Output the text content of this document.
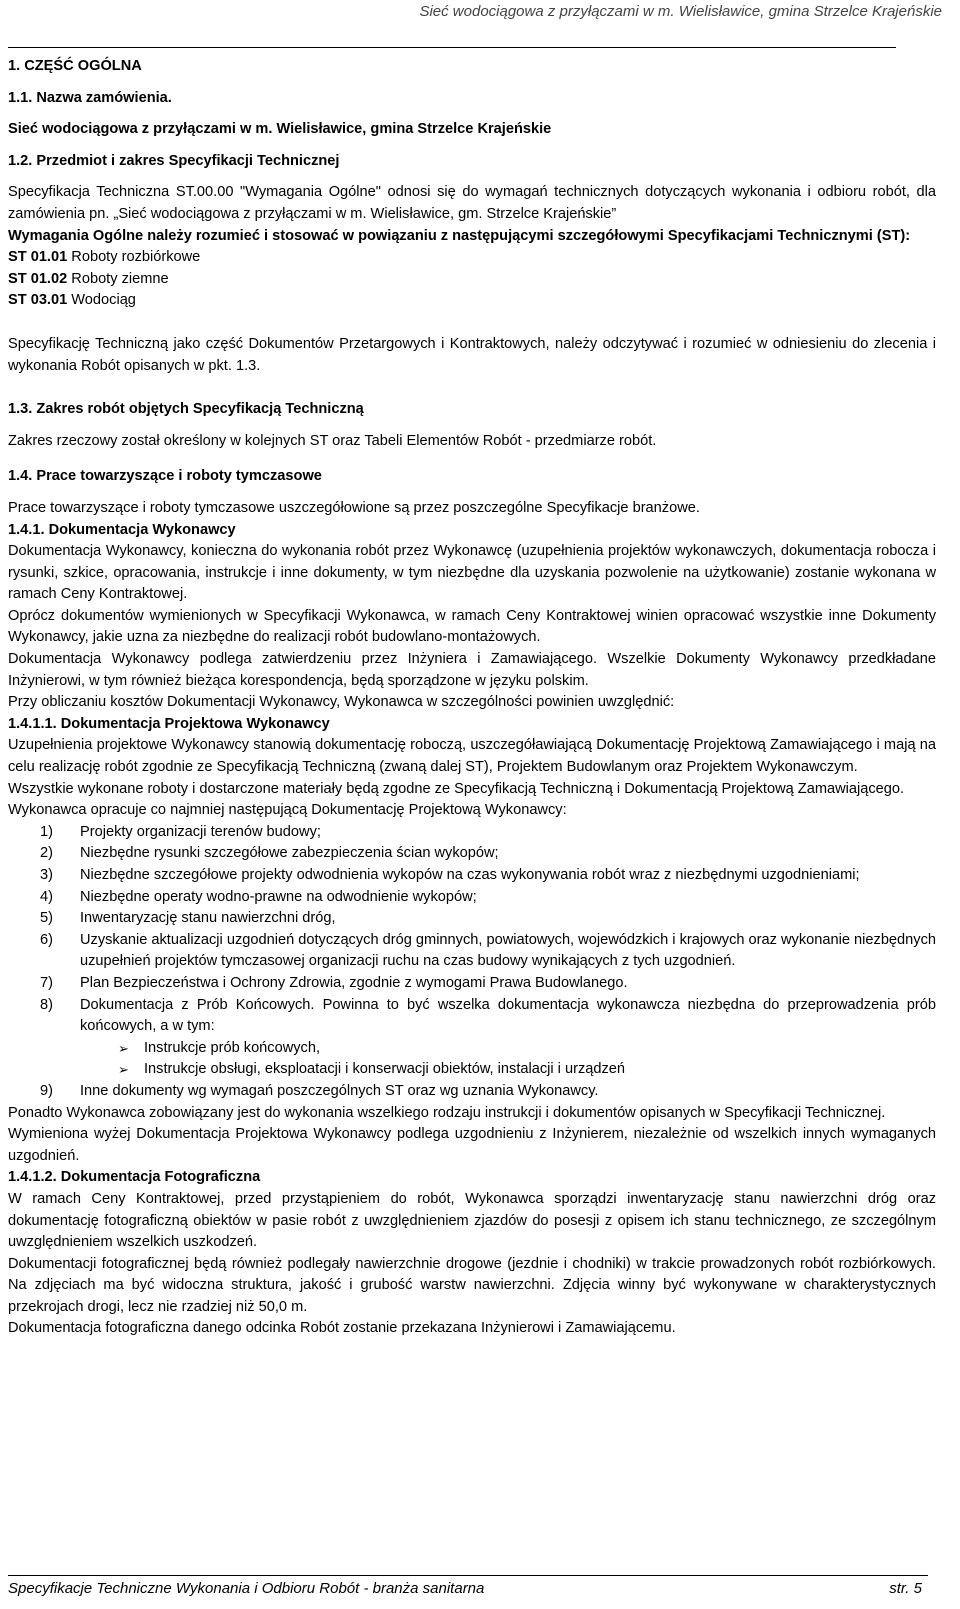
Sieć wodociągowa z przyłączami w m. Wielisławice, gmina Strzelce Krajeńskie

1. CZĘŚĆ OGÓLNA

1.1. Nazwa zamówienia.

Sieć wodociągowa z przyłączami w m. Wielisławice, gmina Strzelce Krajeńskie

1.2. Przedmiot i zakres Specyfikacji Technicznej

Specyfikacja Techniczna ST.00.00 "Wymagania Ogólne" odnosi się do wymagań technicznych dotyczących wykonania i odbioru robót, dla zamówienia pn. „Sieć wodociągowa z przyłączami w m. Wielisławice, gm. Strzelce Krajeńskie”

Wymagania Ogólne należy rozumieć i stosować w powiązaniu z następującymi szczegółowymi Specyfikacjami Technicznymi (ST):

ST 01.01 Roboty rozbiórkowe

ST 01.02 Roboty ziemne

ST 03.01 Wodociąg

Specyfikację Techniczną jako część Dokumentów Przetargowych i Kontraktowych, należy odczytywać i rozumieć w odniesieniu do zlecenia i wykonania Robót opisanych w pkt. 1.3.

1.3. Zakres robót objętych Specyfikacją Techniczną

Zakres rzeczowy został określony w kolejnych ST oraz Tabeli Elementów Robót - przedmiarze robót.

1.4. Prace towarzyszące i roboty tymczasowe

Prace towarzyszące i roboty tymczasowe uszczegółowione są przez poszczególne Specyfikacje branżowe.

1.4.1. Dokumentacja Wykonawcy

Dokumentacja Wykonawcy, konieczna do wykonania robót przez Wykonawcę (uzupełnienia projektów wykonawczych, dokumentacja robocza i rysunki, szkice, opracowania, instrukcje i inne dokumenty, w tym niezbędne dla uzyskania pozwolenie na użytkowanie) zostanie wykonana w ramach Ceny Kontraktowej.

Oprócz dokumentów wymienionych w Specyfikacji Wykonawca, w ramach Ceny Kontraktowej winien opracować wszystkie inne Dokumenty Wykonawcy, jakie uzna za niezbędne do realizacji robót budowlano-montażowych.

Dokumentacja Wykonawcy podlega zatwierdzeniu przez Inżyniera i Zamawiającego. Wszelkie Dokumenty Wykonawcy przedkładane Inżynierowi, w tym również bieżąca korespondencja, będą sporządzone w języku polskim.

Przy obliczaniu kosztów Dokumentacji Wykonawcy, Wykonawca w szczególności powinien uwzględnić:

1.4.1.1. Dokumentacja Projektowa Wykonawcy

Uzupełnienia projektowe Wykonawcy stanowią dokumentację roboczą, uszczegóławiającą Dokumentację Projektową Zamawiającego i mają na celu realizację robót zgodnie ze Specyfikacją Techniczną (zwaną dalej ST), Projektem Budowlanym oraz Projektem Wykonawczym.

Wszystkie wykonane roboty i dostarczone materiały będą zgodne ze Specyfikacją Techniczną i Dokumentacją Projektową Zamawiającego.

Wykonawca opracuje co najmniej następującą Dokumentację Projektową Wykonawcy:

1) Projekty organizacji terenów budowy;
2) Niezbędne rysunki szczegółowe zabezpieczenia ścian wykopów;
3) Niezbędne szczegółowe projekty odwodnienia wykopów na czas wykonywania robót wraz z niezbędnymi uzgodnieniami;
4) Niezbędne operaty wodno-prawne na odwodnienie wykopów;
5) Inwentaryzację stanu nawierzchni dróg,
6) Uzyskanie aktualizacji uzgodnień dotyczących dróg gminnych, powiatowych, wojewódzkich i krajowych oraz wykonanie niezbędnych uzupełnień projektów tymczasowej organizacji ruchu na czas budowy wynikających z tych uzgodnień.
7) Plan Bezpieczeństwa i Ochrony Zdrowia, zgodnie z wymogami Prawa Budowlanego.
8) Dokumentacja z Prób Końcowych. Powinna to być wszelka dokumentacja wykonawcza niezbędna do przeprowadzenia prób końcowych, a w tym:
➢ Instrukcje prób końcowych,
➢ Instrukcje obsługi, eksploatacji i konserwacji obiektów, instalacji i urządzeń
9) Inne dokumenty wg wymagań poszczególnych ST oraz wg uznania Wykonawcy.

Ponadto Wykonawca zobowiązany jest do wykonania wszelkiego rodzaju instrukcji i dokumentów opisanych w Specyfikacji Technicznej.

Wymieniona wyżej Dokumentacja Projektowa Wykonawcy podlega uzgodnieniu z Inżynierem, niezależnie od wszelkich innych wymaganych uzgodnień.

1.4.1.2. Dokumentacja Fotograficzna

W ramach Ceny Kontraktowej, przed przystąpieniem do robót, Wykonawca sporządzi inwentaryzację stanu nawierzchni dróg oraz dokumentację fotograficzną obiektów w pasie robót z uwzględnieniem zjazdów do posesji z opisem ich stanu technicznego, ze szczególnym uwzględnieniem wszelkich uszkodzeń.

Dokumentacji fotograficznej będą również podlegały nawierzchnie drogowe (jezdnie i chodniki) w trakcie prowadzonych robót rozbiórkowych. Na zdjęciach ma być widoczna struktura, jakość i grubość warstw nawierzchni. Zdjęcia winny być wykonywane w charakterystycznych przekrojach drogi, lecz nie rzadziej niż 50,0 m.

Dokumentacja fotograficzna danego odcinka Robót zostanie przekazana Inżynierowi i Zamawiającemu.

Specyfikacje Techniczne Wykonania i Odbioru Robót - branża sanitarna	str. 5
